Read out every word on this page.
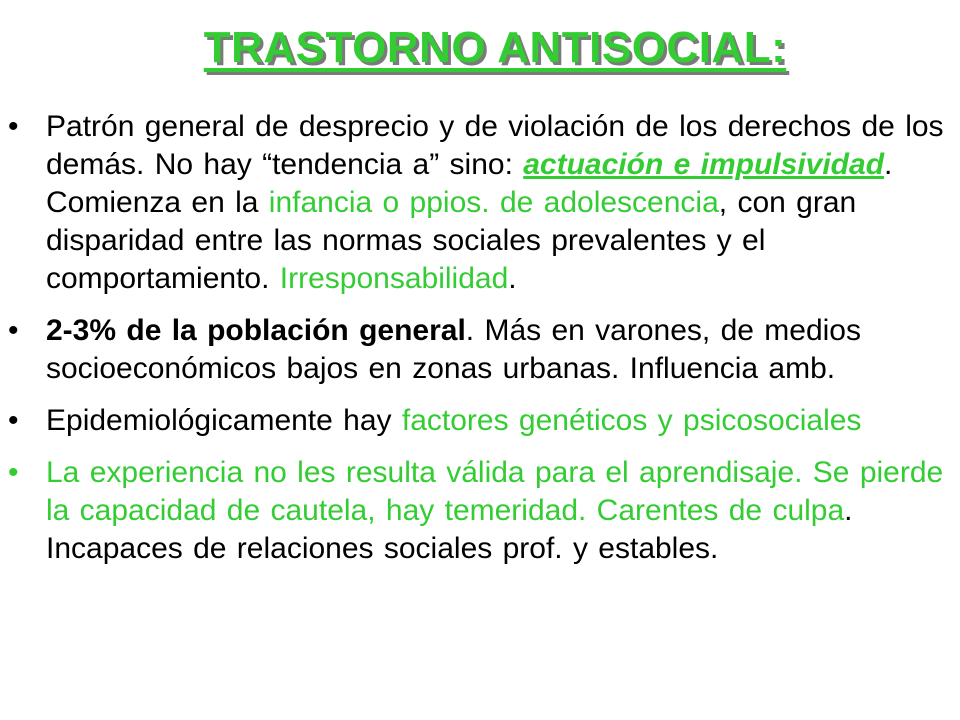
TRASTORNO ANTISOCIAL:
• Patrón general de desprecio y de violación de los derechos de los demás. No hay “tendencia a” sino: actuación e impulsividad. Comienza en la infancia o ppios. de adolescencia, con gran disparidad entre las normas sociales prevalentes y el comportamiento. Irresponsabilidad.
• 2-3% de la población general. Más en varones, de medios socioeconómicos bajos en zonas urbanas. Influencia amb.
• Epidemiológicamente hay factores genéticos y psicosociales
• La experiencia no les resulta válida para el aprendisaje. Se pierde la capacidad de cautela, hay temeridad. Carentes de culpa. Incapaces de relaciones sociales prof. y estables.
